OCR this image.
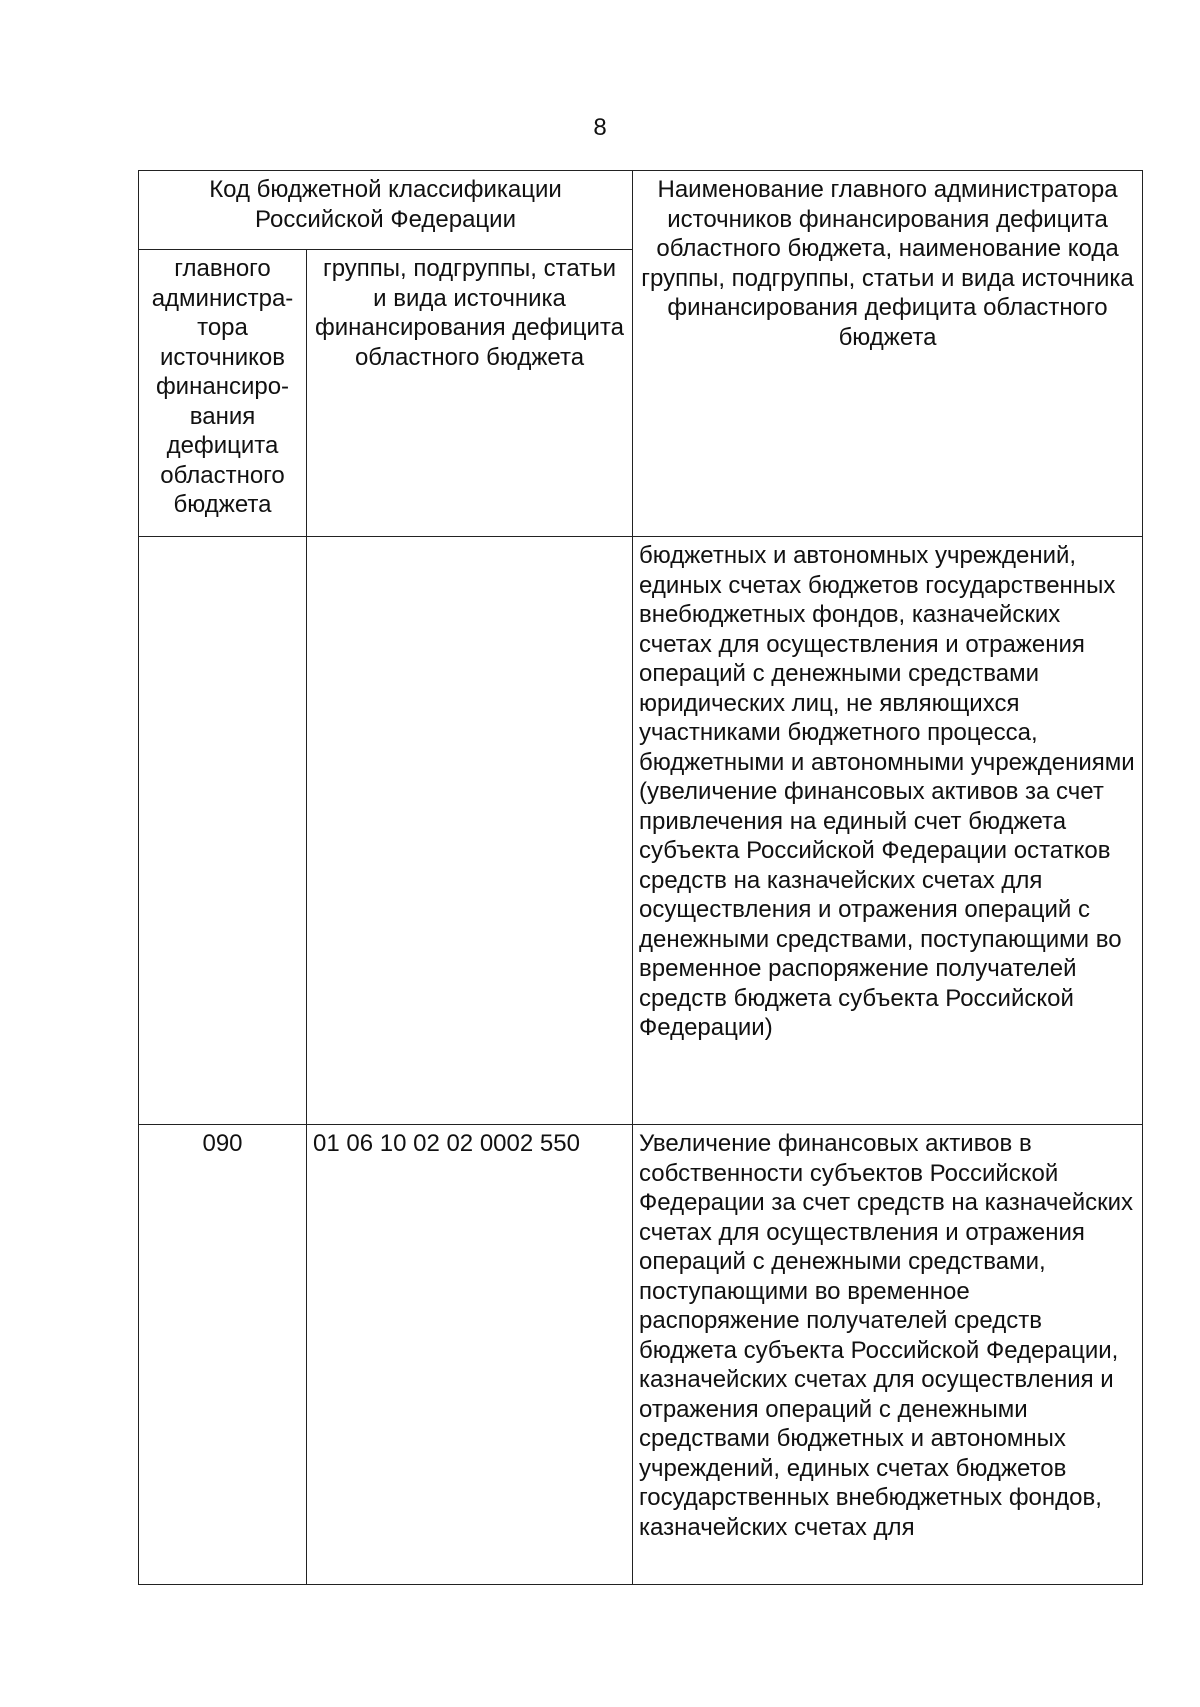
8
Код бюджетной классификации Российской Федерации		Наименование главного администратора источников финансирования дефицита областного бюджета, наименование кода группы, подгруппы, статьи и вида источника финансирования дефицита областного бюджета
главного администра-тора источников финансиро-вания дефицита областного бюджета	группы, подгруппы, статьи и вида источника финансирования дефицита областного бюджета	
		бюджетных и автономных учреждений, единых счетах бюджетов государственных внебюджетных фондов, казначейских счетах для осуществления и отражения операций с денежными средствами юридических лиц, не являющихся участниками бюджетного процесса, бюджетными и автономными учреждениями (увеличение финансовых активов за счет привлечения на единый счет бюджета субъекта Российской Федерации остатков средств на казначейских счетах для осуществления и отражения операций с денежными средствами, поступающими во временное распоряжение получателей средств бюджета субъекта Российской Федерации)
090	01 06 10 02 02 0002 550	Увеличение финансовых активов в собственности субъектов Российской Федерации за счет средств на казначейских счетах для осуществления и отражения операций с денежными средствами, поступающими во временное распоряжение получателей средств бюджета субъекта Российской Федерации, казначейских счетах для осуществления и отражения операций с денежными средствами бюджетных и автономных учреждений, единых счетах бюджетов государственных внебюджетных фондов, казначейских счетах для
